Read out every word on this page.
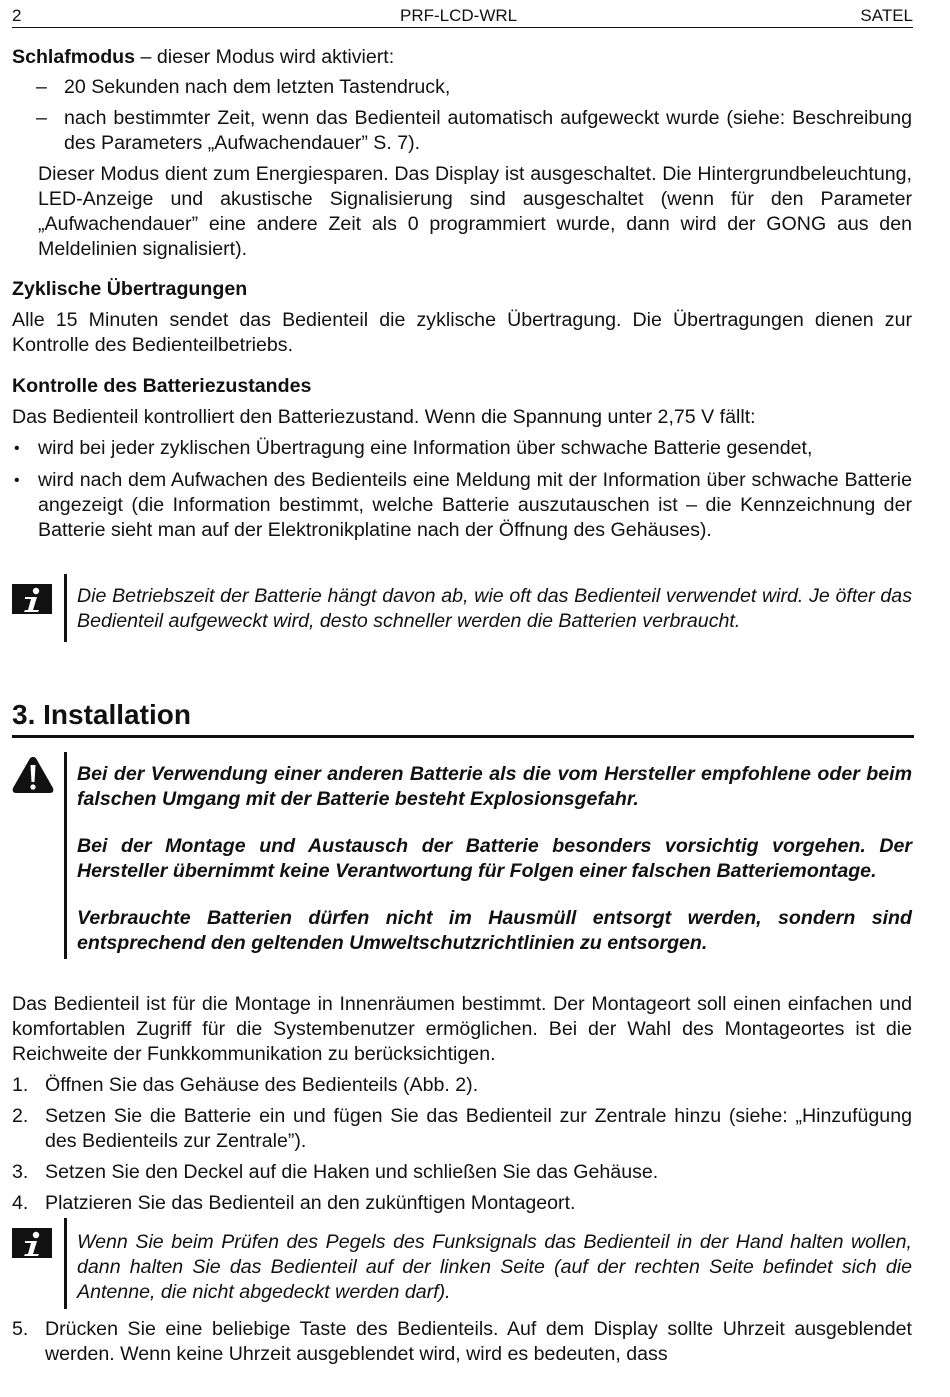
2	PRF-LCD-WRL	SATEL

Schlafmodus – dieser Modus wird aktiviert:

– 20 Sekunden nach dem letzten Tastendruck,
– nach bestimmter Zeit, wenn das Bedienteil automatisch aufgeweckt wurde (siehe: Beschreibung des Parameters „Aufwachendauer” S. 7).

Dieser Modus dient zum Energiesparen. Das Display ist ausgeschaltet. Die Hintergrundbeleuchtung, LED-Anzeige und akustische Signalisierung sind ausgeschaltet (wenn für den Parameter „Aufwachendauer” eine andere Zeit als 0 programmiert wurde, dann wird der GONG aus den Meldelinien signalisiert).

Zyklische Übertragungen

Alle 15 Minuten sendet das Bedienteil die zyklische Übertragung. Die Übertragungen dienen zur Kontrolle des Bedienteilbetriebs.

Kontrolle des Batteriezustandes

Das Bedienteil kontrolliert den Batteriezustand. Wenn die Spannung unter 2,75 V fällt:

• wird bei jeder zyklischen Übertragung eine Information über schwache Batterie gesendet,
• wird nach dem Aufwachen des Bedienteils eine Meldung mit der Information über schwache Batterie angezeigt (die Information bestimmt, welche Batterie auszutauschen ist – die Kennzeichnung der Batterie sieht man auf der Elektronikplatine nach der Öffnung des Gehäuses).

Die Betriebszeit der Batterie hängt davon ab, wie oft das Bedienteil verwendet wird. Je öfter das Bedienteil aufgeweckt wird, desto schneller werden die Batterien verbraucht.

3. Installation

Bei der Verwendung einer anderen Batterie als die vom Hersteller empfohlene oder beim falschen Umgang mit der Batterie besteht Explosionsgefahr.

Bei der Montage und Austausch der Batterie besonders vorsichtig vorgehen. Der Hersteller übernimmt keine Verantwortung für Folgen einer falschen Batteriemontage.

Verbrauchte Batterien dürfen nicht im Hausmüll entsorgt werden, sondern sind entsprechend den geltenden Umweltschutzrichtlinien zu entsorgen.

Das Bedienteil ist für die Montage in Innenräumen bestimmt. Der Montageort soll einen einfachen und komfortablen Zugriff für die Systembenutzer ermöglichen. Bei der Wahl des Montageortes ist die Reichweite der Funkkommunikation zu berücksichtigen.

1. Öffnen Sie das Gehäuse des Bedienteils (Abb. 2).
2. Setzen Sie die Batterie ein und fügen Sie das Bedienteil zur Zentrale hinzu (siehe: „Hinzufügung des Bedienteils zur Zentrale”).
3. Setzen Sie den Deckel auf die Haken und schließen Sie das Gehäuse.
4. Platzieren Sie das Bedienteil an den zukünftigen Montageort.

Wenn Sie beim Prüfen des Pegels des Funksignals das Bedienteil in der Hand halten wollen, dann halten Sie das Bedienteil auf der linken Seite (auf der rechten Seite befindet sich die Antenne, die nicht abgedeckt werden darf).

5. Drücken Sie eine beliebige Taste des Bedienteils. Auf dem Display sollte Uhrzeit ausgeblendet werden. Wenn keine Uhrzeit ausgeblendet wird, wird es bedeuten, dass
